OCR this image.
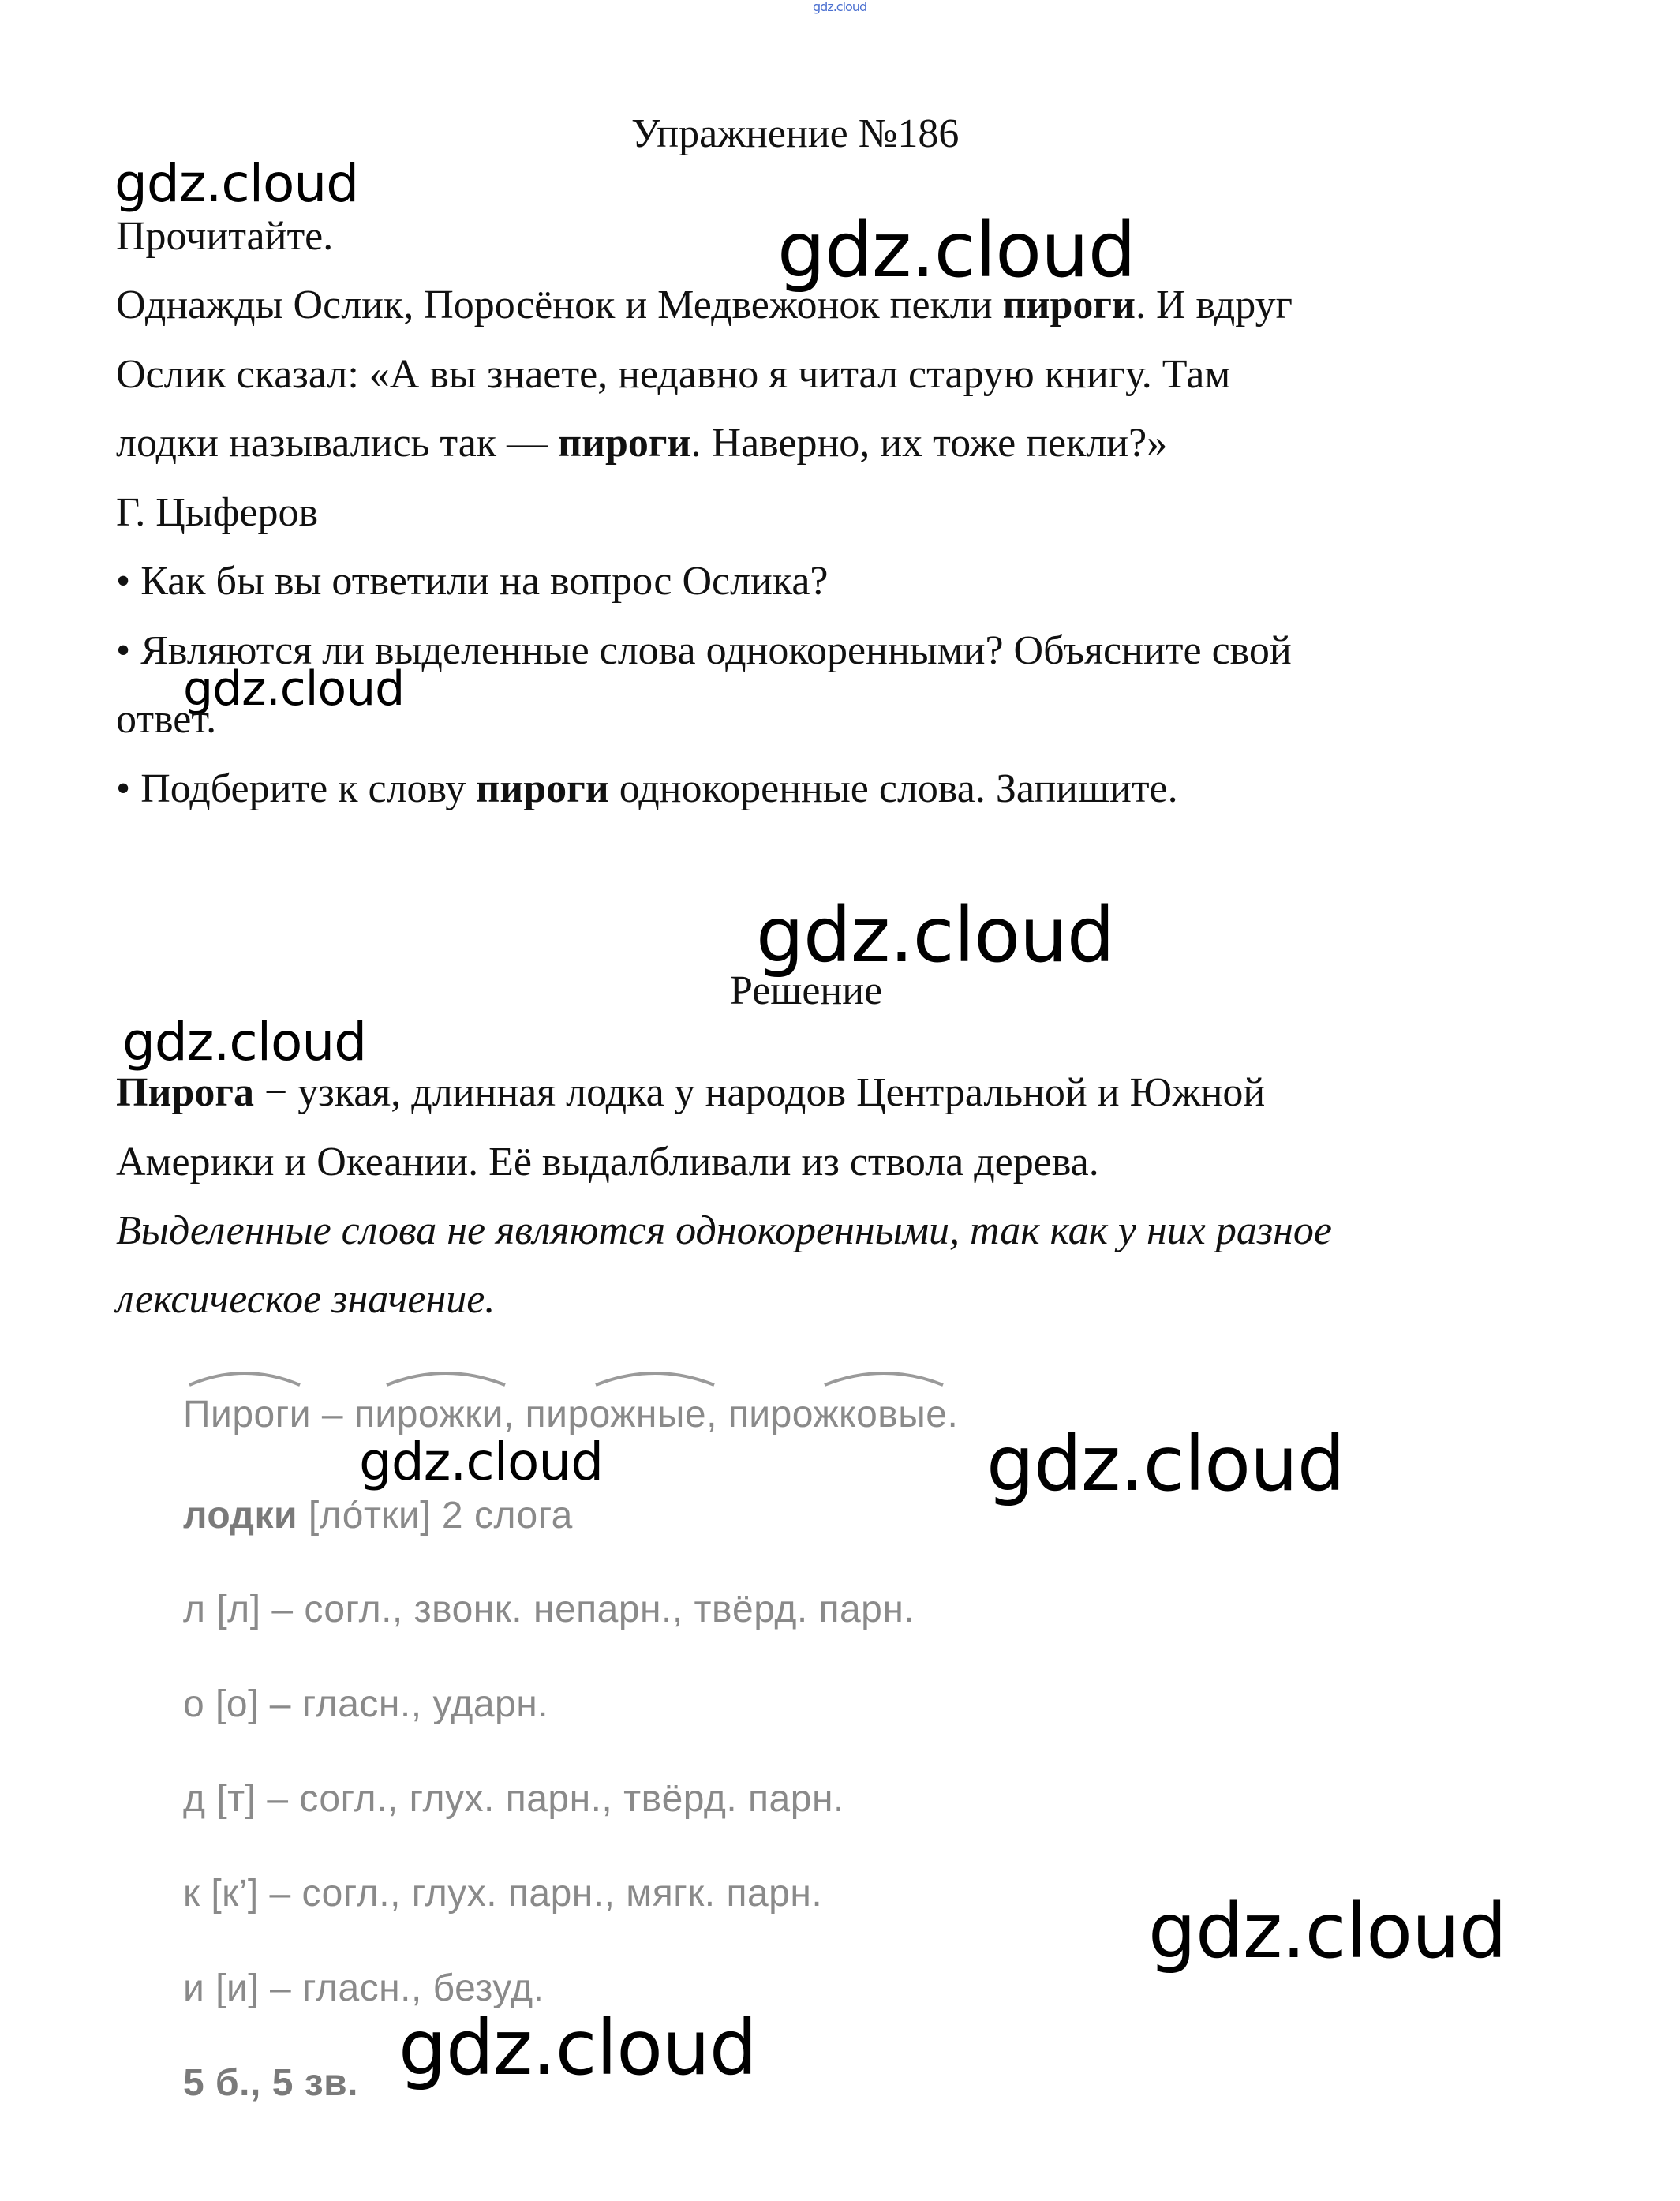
gdz.cloud
Упражнение №186
gdz.cloud
gdz.cloud
Прочитайте.
Однажды Ослик, Поросёнок и Медвежонок пекли пироги. И вдруг
Ослик сказал: «А вы знаете, недавно я читал старую книгу. Там
лодки назывались так — пироги. Наверно, их тоже пекли?»
Г. Цыферов
• Как бы вы ответили на вопрос Ослика?
• Являются ли выделенные слова однокоренными? Объясните свой
gdz.cloud
ответ.
• Подберите к слову пироги однокоренные слова. Запишите.
gdz.cloud
Решение
gdz.cloud
Пирога − узкая, длинная лодка у народов Центральной и Южной
Америки и Океании. Её выдалбливали из ствола дерева.
Выделенные слова не являются однокоренными, так как у них разное
лексическое значение.
Пироги – пирожки, пирожные, пирожковые.
gdz.cloud	gdz.cloud
лодки [ло́тки] 2 слога
л [л] – согл., звонк. непарн., твёрд. парн.
о [о] – гласн., ударн.
д [т] – согл., глух. парн., твёрд. парн.
к [к’] – согл., глух. парн., мягк. парн.	gdz.cloud
и [и] – гласн., безуд.
gdz.cloud
5 б., 5 зв.
